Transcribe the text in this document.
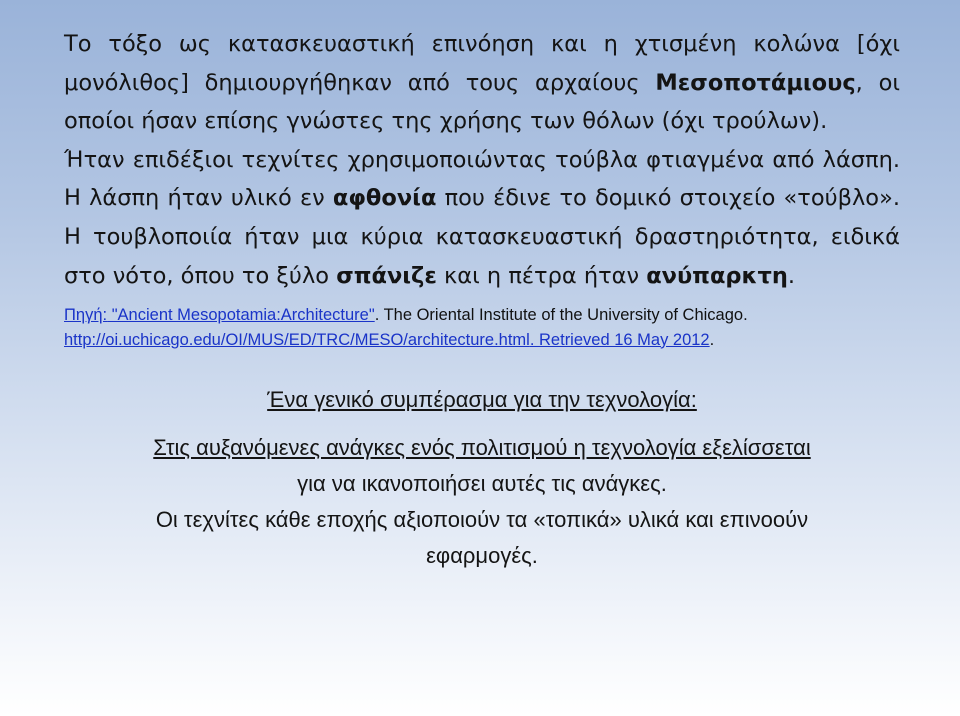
Το τόξο ως κατασκευαστική επινόηση και η χτισμένη κολώνα [όχι μονόλιθος] δημιουργήθηκαν από τους αρχαίους Μεσοποτάμιους, οι οποίοι ήσαν επίσης γνώστες της χρήσης των θόλων (όχι τρούλων).

Ήταν επιδέξιοι τεχνίτες χρησιμοποιώντας τούβλα φτιαγμένα από λάσπη. Η λάσπη ήταν υλικό εν αφθονία που έδινε το δομικό στοιχείο «τούβλο». Η τουβλοποιία ήταν μια κύρια κατασκευαστική δραστηριότητα, ειδικά στο νότο, όπου το ξύλο σπάνιζε και η πέτρα ήταν ανύπαρκτη.

Πηγή: "Ancient Mesopotamia:Architecture". The Oriental Institute of the University of Chicago.
http://oi.uchicago.edu/OI/MUS/ED/TRC/MESO/architecture.html. Retrieved 16 May 2012.

Ένα γενικό συμπέρασμα για την τεχνολογία:
Στις αυξανόμενες ανάγκες ενός πολιτισμού η τεχνολογία εξελίσσεται
για να ικανοποιήσει αυτές τις ανάγκες.
Οι τεχνίτες κάθε εποχής αξιοποιούν τα «τοπικά» υλικά και επινοούν
εφαρμογές.
